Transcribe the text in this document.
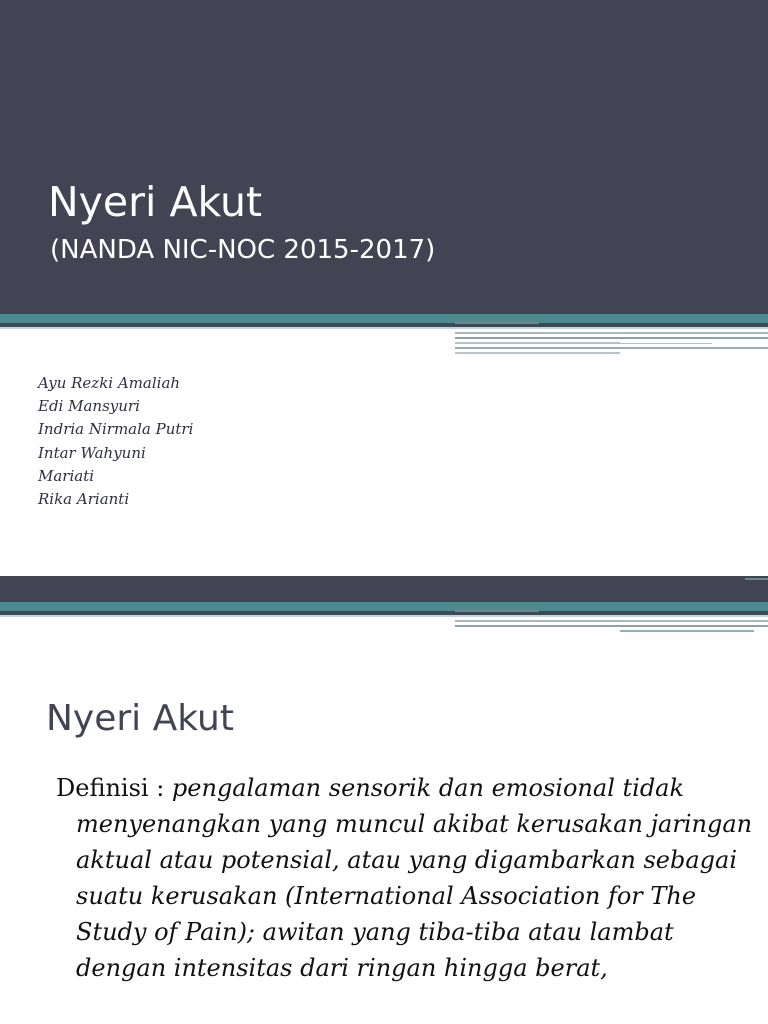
Nyeri Akut
(NANDA NIC-NOC 2015-2017)
Ayu Rezki Amaliah
Edi Mansyuri
Indria Nirmala Putri
Intar Wahyuni
Mariati
Rika Arianti
Nyeri Akut
Definisi : pengalaman sensorik dan emosional tidak menyenangkan yang muncul akibat kerusakan jaringan aktual atau potensial, atau yang digambarkan sebagai suatu kerusakan (International Association for The Study of Pain); awitan yang tiba-tiba atau lambat dengan intensitas dari ringan hingga berat,
